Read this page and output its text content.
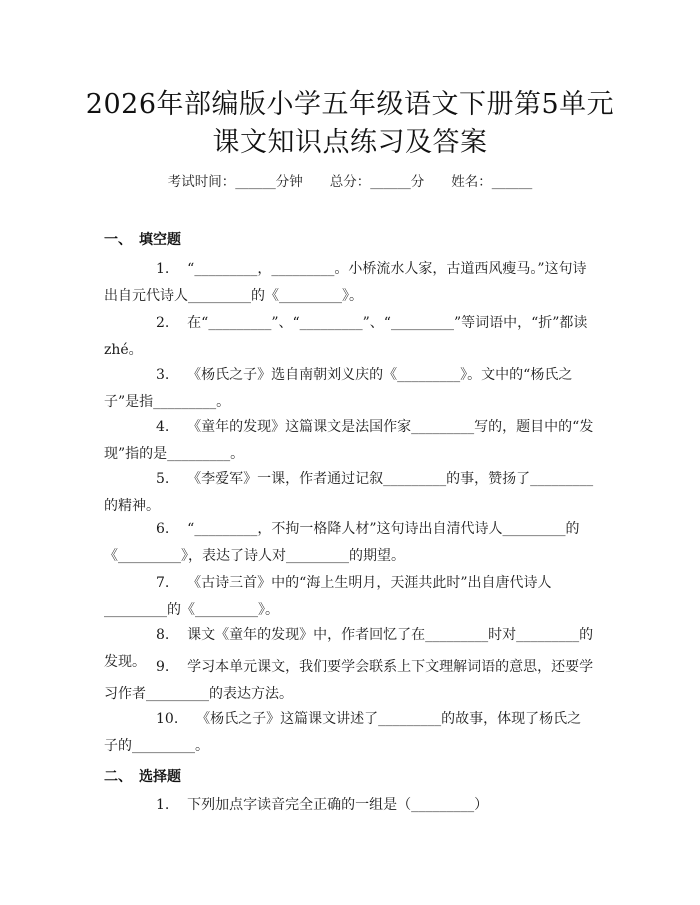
2026年部编版小学五年级语文下册第5单元
课文知识点练习及答案
考试时间：______分钟　　总分：______分　　姓名：______
一、　填空题
1. “_________，_________。小桥流水人家，古道西风瘦马。”这句诗出自元代诗人_________的《_________》。
2. 在“_________”、“_________”、“_________”等词语中，“折”都读 zhé。
3. 《杨氏之子》选自南朝刘义庆的《_________》。文中的“杨氏之子”是指_________。
4. 《童年的发现》这篇课文是法国作家_________写的，题目中的“发现”指的是_________。
5. 《李爱军》一课，作者通过记叙_________的事，赞扬了_________的精神。
6. “_________，不拘一格降人材”这句诗出自清代诗人_________的《_________》，表达了诗人对_________的期望。
7. 《古诗三首》中的“海上生明月，天涯共此时”出自唐代诗人_________的《_________》。
8. 课文《童年的发现》中，作者回忆了在_________时对_________的发现。 9. 学习本单元课文，我们要学会联系上下文理解词语的意思，还要学习作者_________的表达方法。
10. 《杨氏之子》这篇课文讲述了_________的故事，体现了杨氏之子的_________。
二、　选择题
1. 下列加点字读音完全正确的一组是（_________）
